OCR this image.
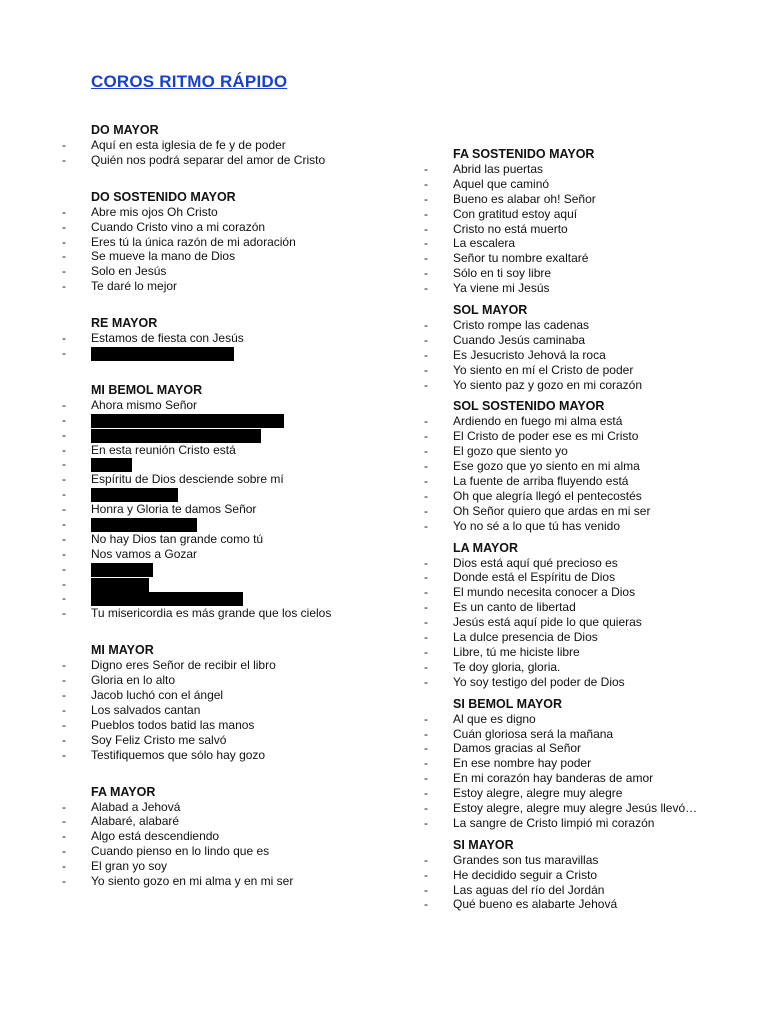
COROS RITMO RÁPIDO
DO MAYOR
-	Aquí en esta iglesia de fe y de poder
-	Quién nos podrá separar del amor de Cristo
DO SOSTENIDO MAYOR
-	Abre mis ojos Oh Cristo
-	Cuando Cristo vino a mi corazón
-	Eres tú la única razón de mi adoración
-	Se mueve la mano de Dios
-	Solo en Jesús
-	Te daré lo mejor
RE MAYOR
-	Estamos de fiesta con Jesús
-
MI BEMOL MAYOR
-	Ahora mismo Señor
-
-
-	En esta reunión Cristo está
-
-	Espíritu de Dios desciende sobre mí
-
-	Honra y Gloria te damos Señor
-
-	No hay Dios tan grande como tú
-	Nos vamos a Gozar
-
-
-
-	Tu misericordia es más grande que los cielos
MI MAYOR
-	Digno eres Señor de recibir el libro
-	Gloria en lo alto
-	Jacob luchó con el ángel
-	Los salvados cantan
-	Pueblos todos batid las manos
-	Soy Feliz Cristo me salvó
-	Testifiquemos que sólo hay gozo
FA MAYOR
-	Alabad a Jehová
-	Alabaré, alabaré
-	Algo está descendiendo
-	Cuando pienso en lo lindo que es
-	El gran yo soy
-	Yo siento gozo en mi alma y en mi ser
FA SOSTENIDO MAYOR
-	Abrid las puertas
-	Aquel que caminó
-	Bueno es alabar oh! Señor
-	Con gratitud estoy aquí
-	Cristo no está muerto
-	La escalera
-	Señor tu nombre exaltaré
-	Sólo en ti soy libre
-	Ya viene mi Jesús
SOL MAYOR
-	Cristo rompe las cadenas
-	Cuando Jesús caminaba
-	Es Jesucristo Jehová la roca
-	Yo siento en mí el Cristo de poder
-	Yo siento paz y gozo en mi corazón
SOL SOSTENIDO MAYOR
-	Ardiendo en fuego mi alma está
-	El Cristo de poder ese es mi Cristo
-	El gozo que siento yo
-	Ese gozo que yo siento en mi alma
-	La fuente de arriba fluyendo está
-	Oh que alegría llegó el pentecostés
-	Oh Señor quiero que ardas en mi ser
-	Yo no sé a lo que tú has venido
LA MAYOR
-	Dios está aquí qué precioso es
-	Donde está el Espíritu de Dios
-	El mundo necesita conocer a Dios
-	Es un canto de libertad
-	Jesús está aquí pide lo que quieras
-	La dulce presencia de Dios
-	Libre, tú me hiciste libre
-	Te doy gloria, gloria.
-	Yo soy testigo del poder de Dios
SI BEMOL MAYOR
-	Al que es digno
-	Cuán gloriosa será la mañana
-	Damos gracias al Señor
-	En ese nombre hay poder
-	En mi corazón hay banderas de amor
-	Estoy alegre, alegre muy alegre
-	Estoy alegre, alegre muy alegre Jesús llevó…
-	La sangre de Cristo limpió mi corazón
SI MAYOR
-	Grandes son tus maravillas
-	He decidido seguir a Cristo
-	Las aguas del río del Jordán
-	Qué bueno es alabarte Jehová
